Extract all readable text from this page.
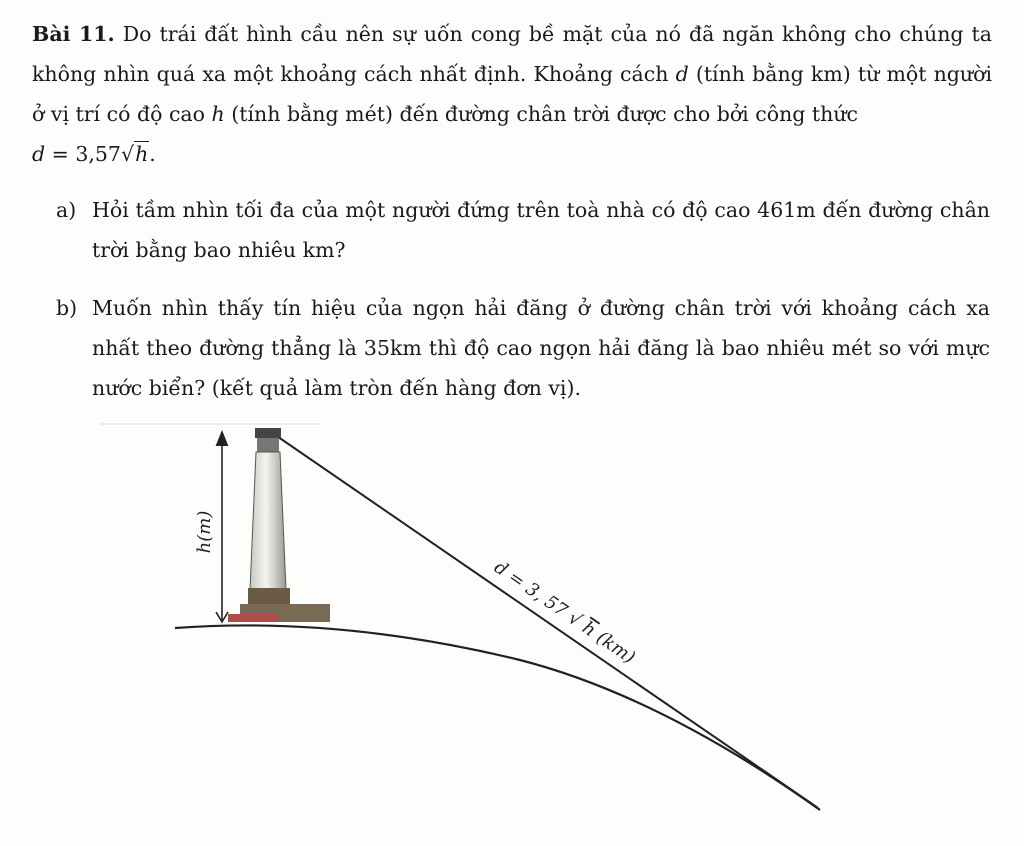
Bài 11. Do trái đất hình cầu nên sự uốn cong bề mặt của nó đã ngăn không cho chúng ta không nhìn quá xa một khoảng cách nhất định. Khoảng cách d (tính bằng km) từ một người ở vị trí có độ cao h (tính bằng mét) đến đường chân trời được cho bởi công thức
d = 3,57√h.
a) Hỏi tầm nhìn tối đa của một người đứng trên toà nhà có độ cao 461m đến đường chân trời bằng bao nhiêu km?
b) Muốn nhìn thấy tín hiệu của ngọn hải đăng ở đường chân trời với khoảng cách xa nhất theo đường thẳng là 35km thì độ cao ngọn hải đăng là bao nhiêu mét so với mực nước biển? (kết quả làm tròn đến hàng đơn vị).
h(m)
d = 3, 57 √ h (km)
